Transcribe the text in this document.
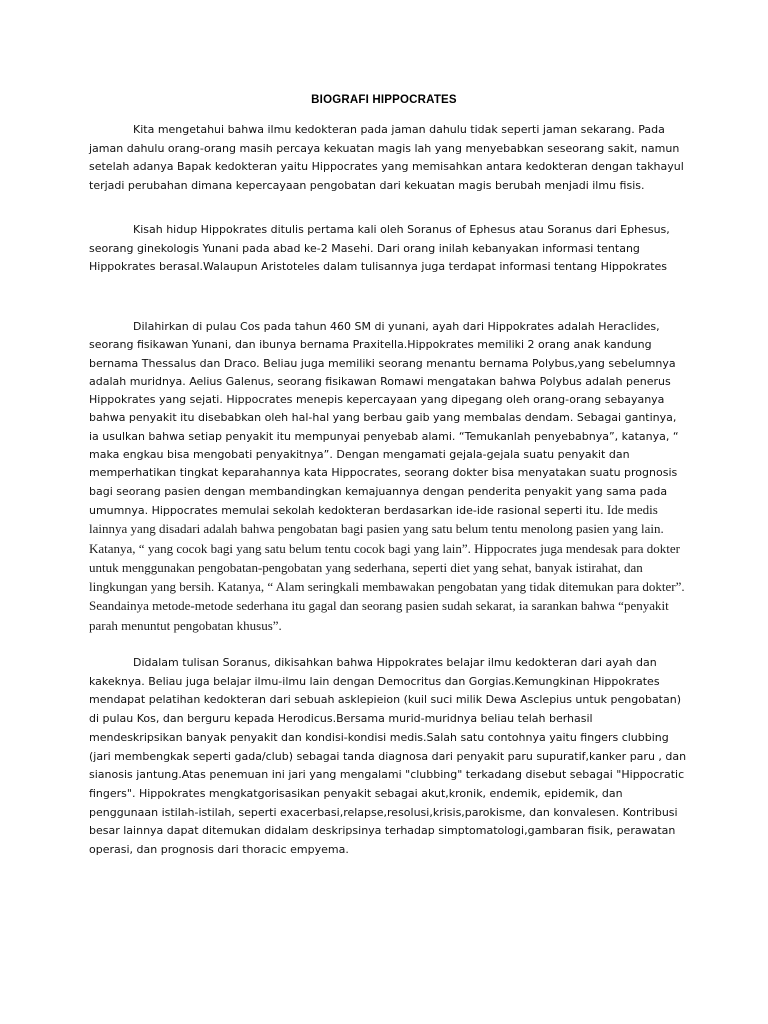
BIOGRAFI HIPPOCRATES

Kita mengetahui bahwa ilmu kedokteran pada jaman dahulu tidak seperti jaman sekarang. Pada jaman dahulu orang-orang masih percaya kekuatan magis lah yang menyebabkan seseorang sakit, namun setelah adanya Bapak kedokteran yaitu Hippocrates yang memisahkan antara kedokteran dengan takhayul terjadi perubahan dimana kepercayaan pengobatan dari kekuatan magis berubah menjadi ilmu fisis.

Kisah hidup Hippokrates ditulis pertama kali oleh Soranus of Ephesus atau Soranus dari Ephesus, seorang ginekologis Yunani pada abad ke-2 Masehi. Dari orang inilah kebanyakan informasi tentang Hippokrates berasal.Walaupun Aristoteles dalam tulisannya juga terdapat informasi tentang Hippokrates

Dilahirkan di pulau Cos pada tahun 460 SM di yunani, ayah dari Hippokrates adalah Heraclides, seorang fisikawan Yunani, dan ibunya bernama Praxitella.Hippokrates memiliki 2 orang anak kandung bernama Thessalus dan Draco. Beliau juga memiliki seorang menantu bernama Polybus,yang sebelumnya adalah muridnya. Aelius Galenus, seorang fisikawan Romawi mengatakan bahwa Polybus adalah penerus Hippokrates yang sejati. Hippocrates menepis kepercayaan yang dipegang oleh orang-orang sebayanya bahwa penyakit itu disebabkan oleh hal-hal yang berbau gaib yang membalas dendam. Sebagai gantinya, ia usulkan bahwa setiap penyakit itu mempunyai penyebab alami. “Temukanlah penyebabnya”, katanya, “ maka engkau bisa mengobati penyakitnya”. Dengan mengamati gejala-gejala suatu penyakit dan memperhatikan tingkat keparahannya kata Hippocrates, seorang dokter bisa menyatakan suatu prognosis bagi seorang pasien dengan membandingkan kemajuannya dengan penderita penyakit yang sama pada umumnya. Hippocrates memulai sekolah kedokteran berdasarkan ide-ide rasional seperti itu. Ide medis lainnya yang disadari adalah bahwa pengobatan bagi pasien yang satu belum tentu menolong pasien yang lain. Katanya, “ yang cocok bagi yang satu belum tentu cocok bagi yang lain”. Hippocrates juga mendesak para dokter untuk menggunakan pengobatan-pengobatan yang sederhana, seperti diet yang sehat, banyak istirahat, dan lingkungan yang bersih. Katanya, “ Alam seringkali membawakan pengobatan yang tidak ditemukan para dokter”. Seandainya metode-metode sederhana itu gagal dan seorang pasien sudah sekarat, ia sarankan bahwa “penyakit parah menuntut pengobatan khusus”.

Didalam tulisan Soranus, dikisahkan bahwa Hippokrates belajar ilmu kedokteran dari ayah dan kakeknya. Beliau juga belajar ilmu-ilmu lain dengan Democritus dan Gorgias.Kemungkinan Hippokrates mendapat pelatihan kedokteran dari sebuah asklepieion (kuil suci milik Dewa Asclepius untuk pengobatan) di pulau Kos, dan berguru kepada Herodicus.Bersama murid-muridnya beliau telah berhasil mendeskripsikan banyak penyakit dan kondisi-kondisi medis.Salah satu contohnya yaitu fingers clubbing (jari membengkak seperti gada/club) sebagai tanda diagnosa dari penyakit paru supuratif,kanker paru , dan sianosis jantung.Atas penemuan ini jari yang mengalami "clubbing" terkadang disebut sebagai "Hippocratic fingers". Hippokrates mengkatgorisasikan penyakit sebagai akut,kronik, endemik, epidemik, dan penggunaan istilah-istilah, seperti exacerbasi,relapse,resolusi,krisis,parokisme, dan konvalesen. Kontribusi besar lainnya dapat ditemukan didalam deskripsinya terhadap simptomatologi,gambaran fisik, perawatan operasi, dan prognosis dari thoracic empyema.
